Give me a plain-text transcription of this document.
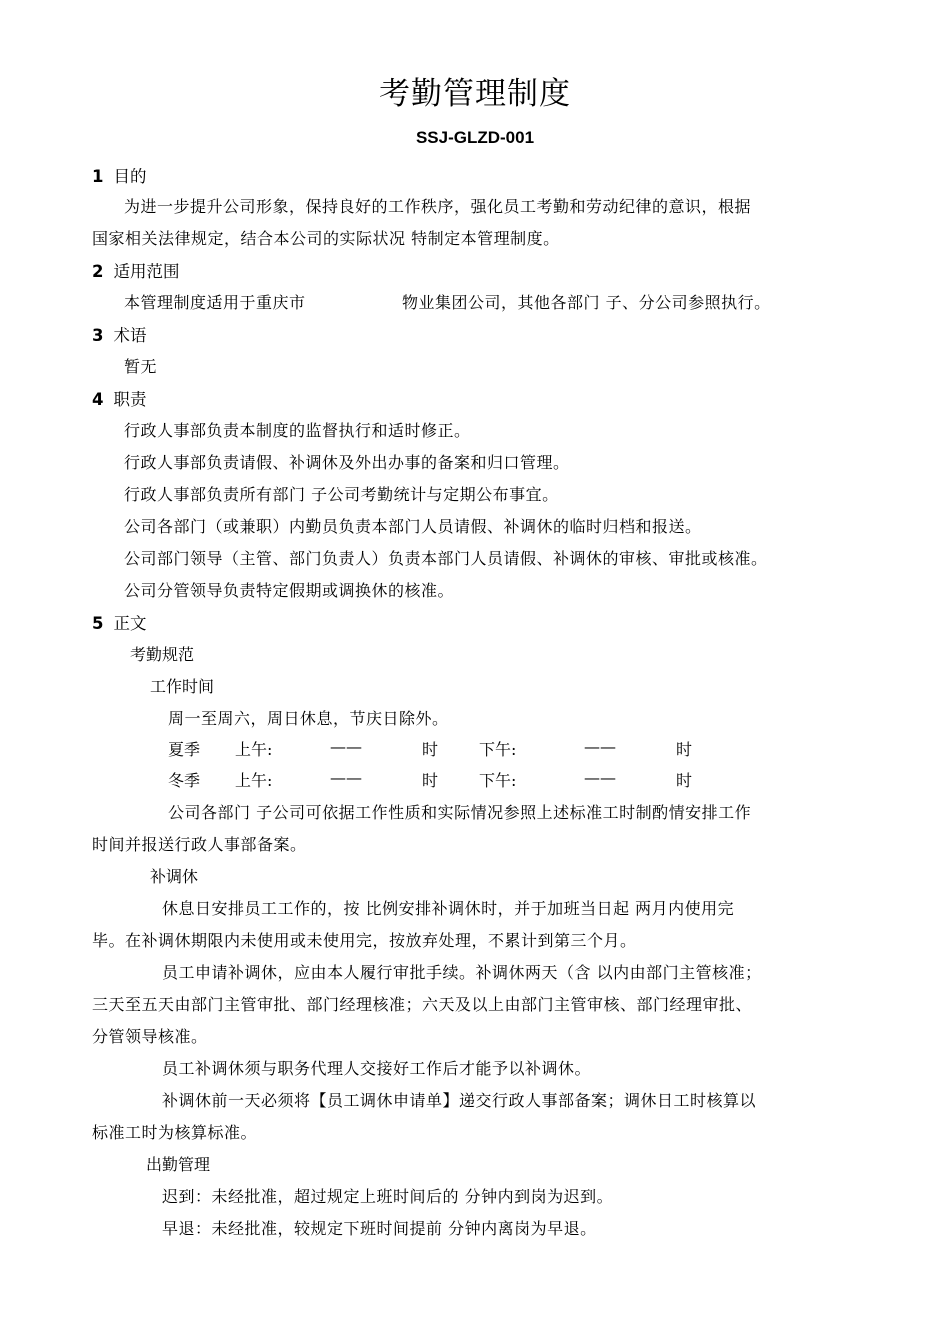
考勤管理制度
SSJ-GLZD-001
1 目的
为进一步提升公司形象，保持良好的工作秩序，强化员工考勤和劳动纪律的意识，根据
国家相关法律规定，结合本公司的实际状况 特制定本管理制度。
2 适用范围
本管理制度适用于重庆市	物业集团公司，其他各部门 子、分公司参照执行。
3 术语
暂无
4 职责
行政人事部负责本制度的监督执行和适时修正。
行政人事部负责请假、补调休及外出办事的备案和归口管理。
行政人事部负责所有部门 子公司考勤统计与定期公布事宜。
公司各部门（或兼职）内勤员负责本部门人员请假、补调休的临时归档和报送。
公司部门领导（主管、部门负责人）负责本部门人员请假、补调休的审核、审批或核准。
公司分管领导负责特定假期或调换休的核准。
5 正文
考勤规范
工作时间
周一至周六，周日休息，节庆日除外。
夏季 上午:	——	时	下午:	——	时
冬季 上午:	——	时	下午:	——	时
公司各部门 子公司可依据工作性质和实际情况参照上述标准工时制酌情安排工作
时间并报送行政人事部备案。
补调休
休息日安排员工工作的，按 比例安排补调休时，并于加班当日起 两月内使用完
毕。在补调休期限内未使用或未使用完，按放弃处理，不累计到第三个月。
员工申请补调休，应由本人履行审批手续。补调休两天（含 以内由部门主管核准；
三天至五天由部门主管审批、部门经理核准；六天及以上由部门主管审核、部门经理审批、
分管领导核准。
员工补调休须与职务代理人交接好工作后才能予以补调休。
补调休前一天必须将【员工调休申请单】递交行政人事部备案；调休日工时核算以
标准工时为核算标准。
出勤管理
迟到：未经批准，超过规定上班时间后的 分钟内到岗为迟到。
早退：未经批准，较规定下班时间提前 分钟内离岗为早退。
